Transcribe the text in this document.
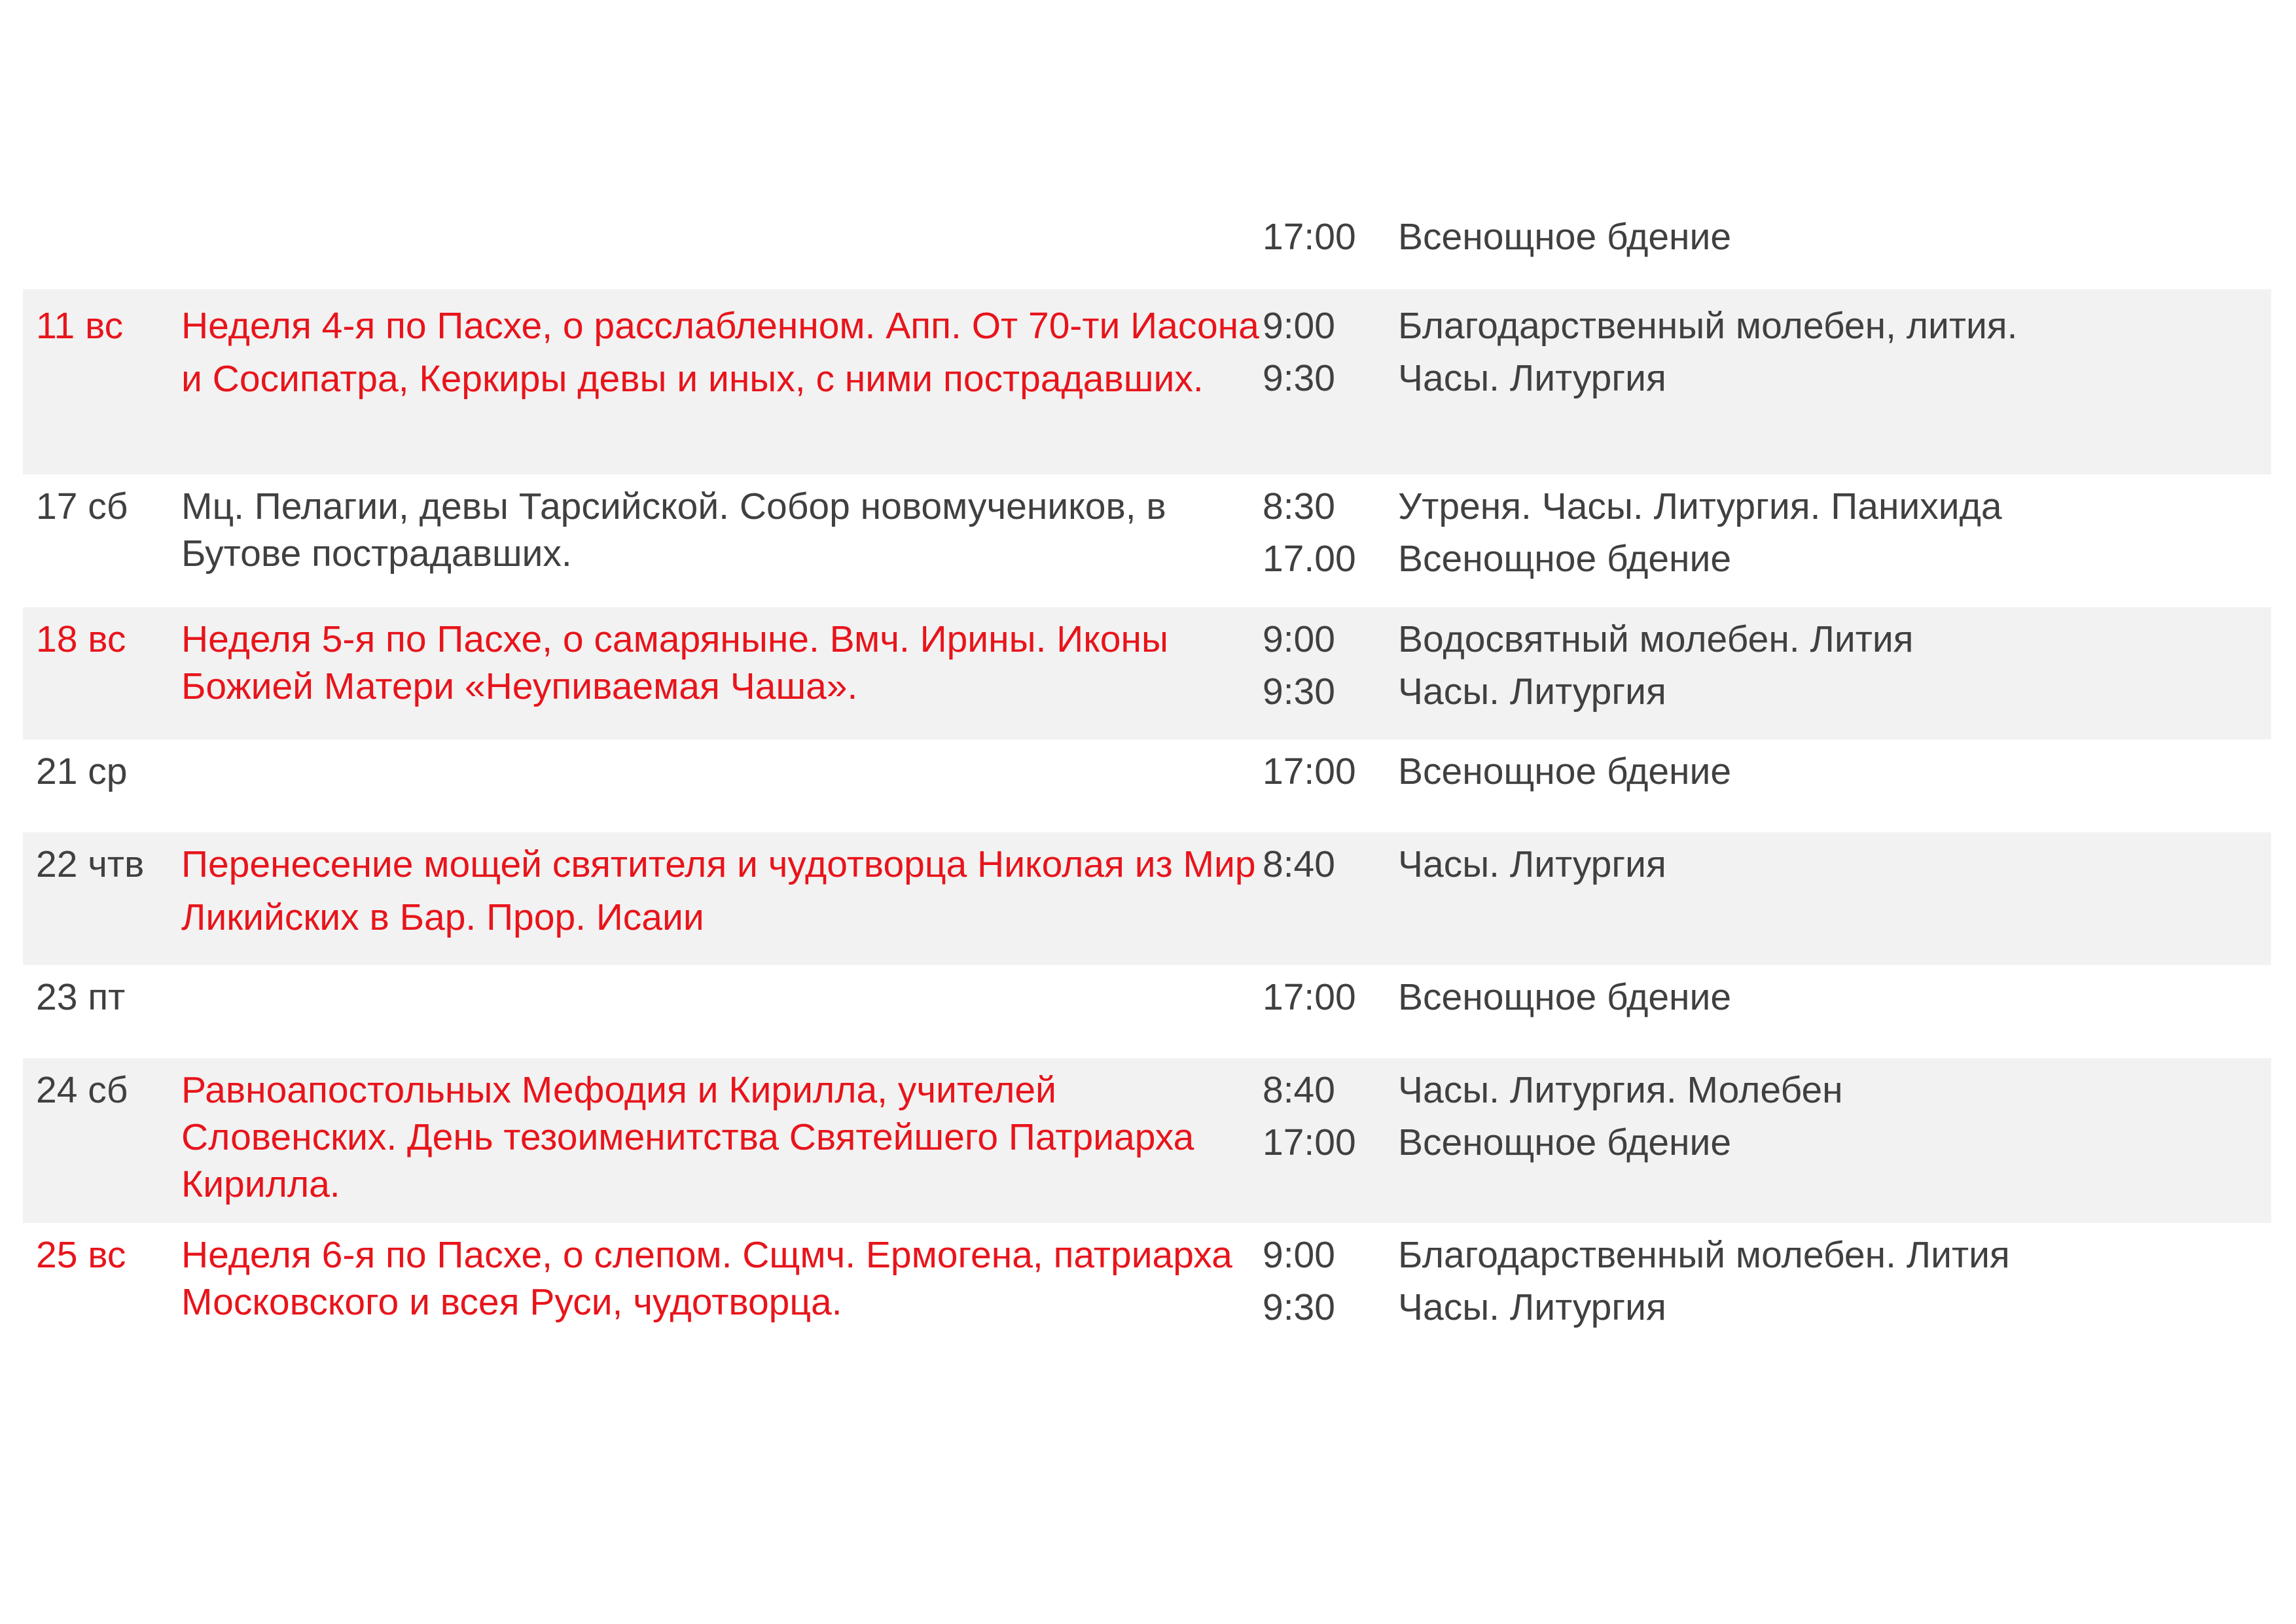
17:00	Всенощное бдение
11 вс	Неделя 4-я по Пасхе, о расслабленном. Апп. От 70-ти Иасона и Сосипатра, Керкиры девы и иных, с ними пострадавших.
9:00	Благодарственный молебен, лития.
9:30	Часы. Литургия
17 сб	Мц. Пелагии, девы Тарсийской. Собор новомучеников, в Бутове пострадавших.
8:30	Утреня. Часы. Литургия. Панихида
17.00	Всенощное бдение
18 вс	Неделя 5-я по Пасхе, о самаряныне. Вмч. Ирины. Иконы Божией Матери «Неупиваемая Чаша».
9:00	Водосвятный молебен. Лития
9:30	Часы. Литургия
21 ср	17:00	Всенощное бдение
22 чтв Перенесение мощей святителя и чудотворца Николая из Мир Ликийских в Бар. Прор. Исаии
8:40	Часы. Литургия
23 пт	17:00	Всенощное бдение
24 сб	Равноапостольных Мефодия и Кирилла, учителей Словенских. День тезоименитства Святейшего Патриарха Кирилла.
8:40	Часы. Литургия. Молебен
17:00	Всенощное бдение
25 вс	Неделя 6-я по Пасхе, о слепом. Сщмч. Ермогена, патриарха Московского и всея Руси, чудотворца.
9:00	Благодарственный молебен. Лития
9:30	Часы. Литургия
